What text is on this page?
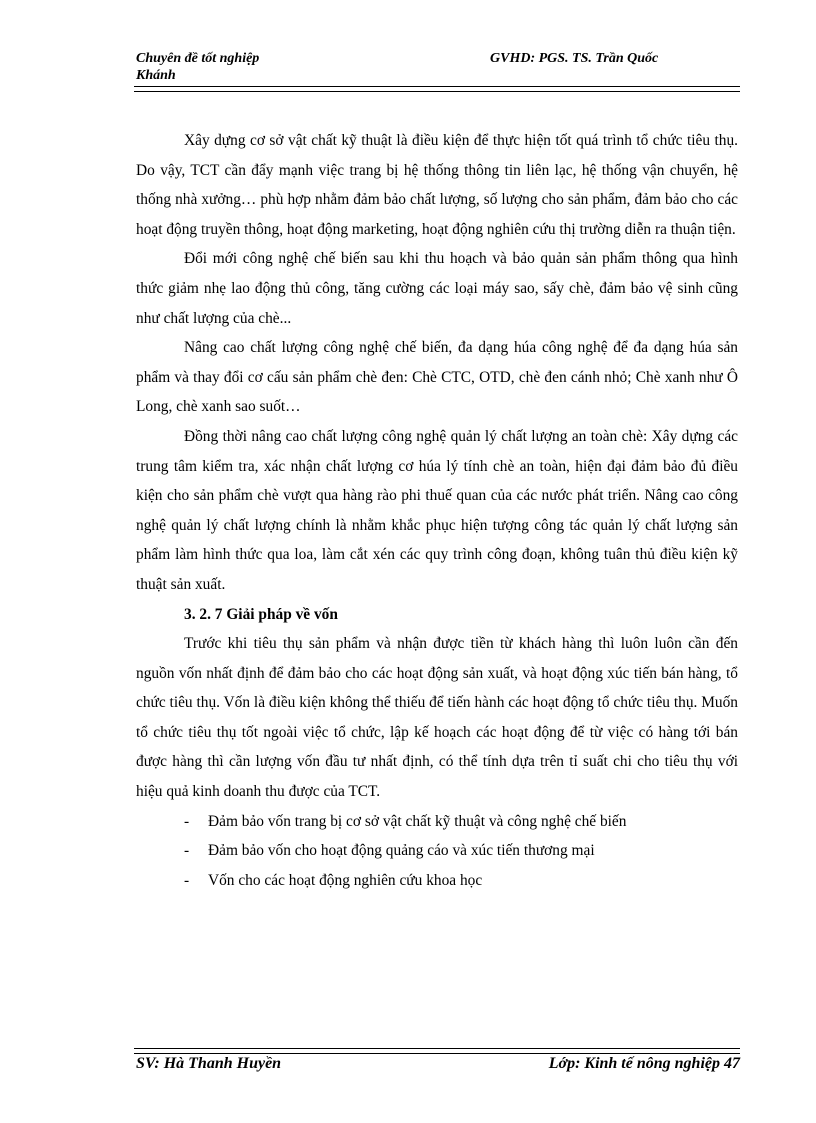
Chuyên đề tốt nghiệp	GVHD: PGS. TS. Trần Quốc
Khánh

Xây dựng cơ sở vật chất kỹ thuật là điều kiện để thực hiện tốt quá trình tổ chức tiêu thụ. Do vậy, TCT cần đẩy mạnh việc trang bị hệ thống thông tin liên lạc, hệ thống vận chuyển, hệ thống nhà xưởng… phù hợp nhằm đảm bảo chất lượng, số lượng cho sản phẩm, đảm bảo cho các hoạt động truyền thông, hoạt động marketing, hoạt động nghiên cứu thị trường diễn ra thuận tiện.

Đổi mới công nghệ chế biến sau khi thu hoạch và bảo quản sản phẩm thông qua hình thức giảm nhẹ lao động thủ công, tăng cường các loại máy sao, sấy chè, đảm bảo vệ sinh cũng như chất lượng của chè...

Nâng cao chất lượng công nghệ chế biến, đa dạng húa công nghệ để đa dạng húa sản phẩm và thay đổi cơ cấu sản phẩm chè đen: Chè CTC, OTD, chè đen cánh nhỏ; Chè xanh như Ô Long, chè xanh sao suốt…

Đồng thời nâng cao chất lượng công nghệ quản lý chất lượng an toàn chè: Xây dựng các trung tâm kiểm tra, xác nhận chất lượng cơ húa lý tính chè an toàn, hiện đại đảm bảo đủ điều kiện cho sản phẩm chè vượt qua hàng rào phi thuế quan của các nước phát triển. Nâng cao công nghệ quản lý chất lượng chính là nhằm khắc phục hiện tượng công tác quản lý chất lượng sản phẩm làm hình thức qua loa, làm cắt xén các quy trình công đoạn, không tuân thủ điều kiện kỹ thuật sản xuất.

3. 2. 7 Giải pháp về vốn

Trước khi tiêu thụ sản phẩm và nhận được tiền từ khách hàng thì luôn luôn cần đến nguồn vốn nhất định để đảm bảo cho các hoạt động sản xuất, và hoạt động xúc tiến bán hàng, tổ chức tiêu thụ. Vốn là điều kiện không thể thiếu để tiến hành các hoạt động tổ chức tiêu thụ. Muốn tổ chức tiêu thụ tốt ngoài việc tổ chức, lập kế hoạch các hoạt động để từ việc có hàng tới bán được hàng thì cần lượng vốn đầu tư nhất định, có thể tính dựa trên tỉ suất chi cho tiêu thụ với hiệu quả kinh doanh thu được của TCT.

- Đảm bảo vốn trang bị cơ sở vật chất kỹ thuật và công nghệ chế biến
- Đảm bảo vốn cho hoạt động quảng cáo và xúc tiến thương mại
- Vốn cho các hoạt động nghiên cứu khoa học
SV: Hà Thanh Huyền	Lớp: Kinh tế nông nghiệp 47
